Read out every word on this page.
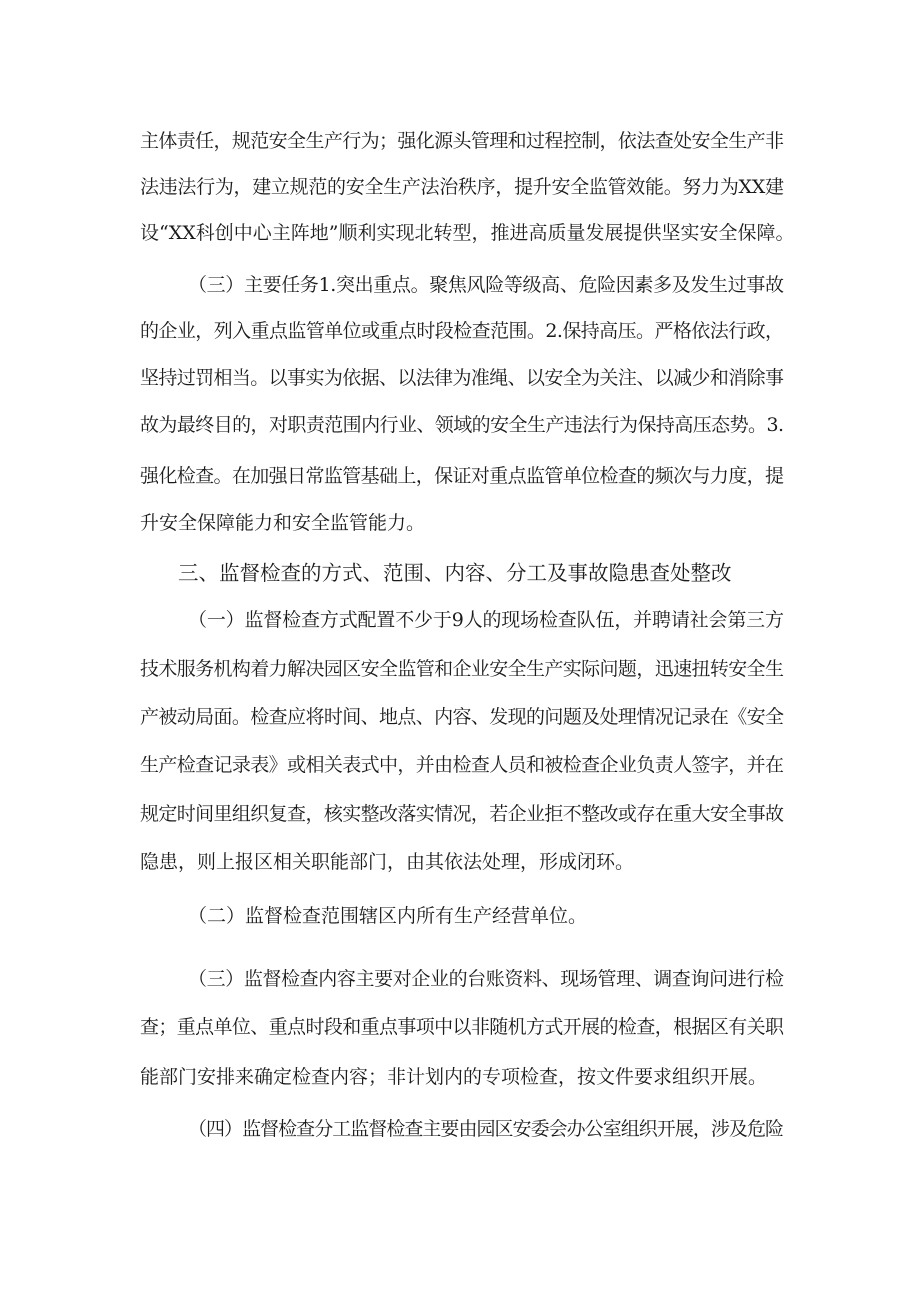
主体责任，规范安全生产行为；强化源头管理和过程控制，依法查处安全生产非
法违法行为，建立规范的安全生产法治秩序，提升安全监管效能。努力为XX建
设“XX科创中心主阵地”顺利实现北转型，推进高质量发展提供坚实安全保障。
（三）主要任务1.突出重点。聚焦风险等级高、危险因素多及发生过事故
的企业，列入重点监管单位或重点时段检查范围。2.保持高压。严格依法行政，
坚持过罚相当。以事实为依据、以法律为准绳、以安全为关注、以减少和消除事
故为最终目的，对职责范围内行业、领域的安全生产违法行为保持高压态势。3.
强化检查。在加强日常监管基础上，保证对重点监管单位检查的频次与力度，提
升安全保障能力和安全监管能力。
三、监督检查的方式、范围、内容、分工及事故隐患查处整改
（一）监督检查方式配置不少于9人的现场检查队伍，并聘请社会第三方
技术服务机构着力解决园区安全监管和企业安全生产实际问题，迅速扭转安全生
产被动局面。检查应将时间、地点、内容、发现的问题及处理情况记录在《安全
生产检查记录表》或相关表式中，并由检查人员和被检查企业负责人签字，并在
规定时间里组织复查，核实整改落实情况，若企业拒不整改或存在重大安全事故
隐患，则上报区相关职能部门，由其依法处理，形成闭环。
（二）监督检查范围辖区内所有生产经营单位。
（三）监督检查内容主要对企业的台账资料、现场管理、调查询问进行检
查；重点单位、重点时段和重点事项中以非随机方式开展的检查，根据区有关职
能部门安排来确定检查内容；非计划内的专项检查，按文件要求组织开展。
（四）监督检查分工监督检查主要由园区安委会办公室组织开展，涉及危险
